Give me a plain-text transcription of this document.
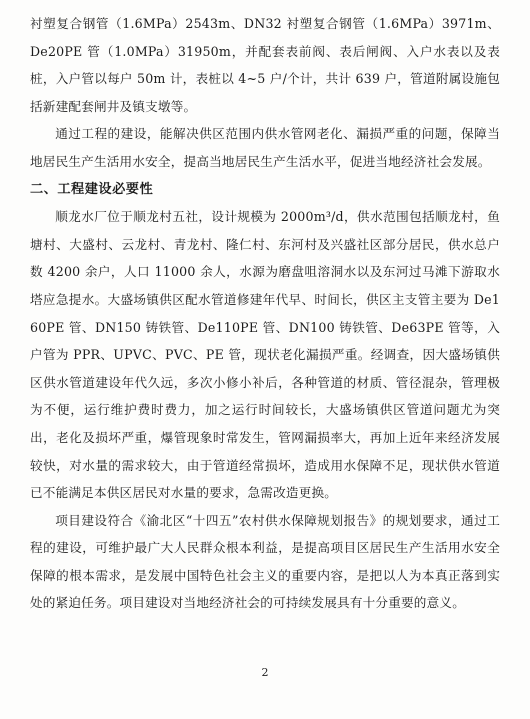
衬塑复合钢管（1.6MPa）2543m、DN32 衬塑复合钢管（1.6MPa）3971m、De20PE 管（1.0MPa）31950m，并配套表前阀、表后闸阀、入户水表以及表桩，入户管以每户 50m 计，表桩以 4~5 户/个计，共计 639 户，管道附属设施包括新建配套闸井及镇支墩等。

通过工程的建设，能解决供区范围内供水管网老化、漏损严重的问题，保障当地居民生产生活用水安全，提高当地居民生产生活水平，促进当地经济社会发展。

二、工程建设必要性

顺龙水厂位于顺龙村五社，设计规模为 2000m³/d，供水范围包括顺龙村，鱼塘村、大盛村、云龙村、青龙村、隆仁村、东河村及兴盛社区部分居民，供水总户数 4200 余户，人口 11000 余人，水源为磨盘咀溶洞水以及东河过马滩下游取水塔应急提水。大盛场镇供区配水管道修建年代早、时间长，供区主支管主要为 De160PE 管、DN150 铸铁管、De110PE 管、DN100 铸铁管、De63PE 管等，入户管为 PPR、UPVC、PVC、PE 管，现状老化漏损严重。经调查，因大盛场镇供区供水管道建设年代久远，多次小修小补后，各种管道的材质、管径混杂，管理极为不便，运行维护费时费力，加之运行时间较长，大盛场镇供区管道问题尤为突出，老化及损坏严重，爆管现象时常发生，管网漏损率大，再加上近年来经济发展较快，对水量的需求较大，由于管道经常损坏，造成用水保障不足，现状供水管道已不能满足本供区居民对水量的要求，急需改造更换。

项目建设符合《渝北区“十四五”农村供水保障规划报告》的规划要求，通过工程的建设，可维护最广大人民群众根本利益，是提高项目区居民生产生活用水安全保障的根本需求，是发展中国特色社会主义的重要内容，是把以人为本真正落到实处的紧迫任务。项目建设对当地经济社会的可持续发展具有十分重要的意义。

2
